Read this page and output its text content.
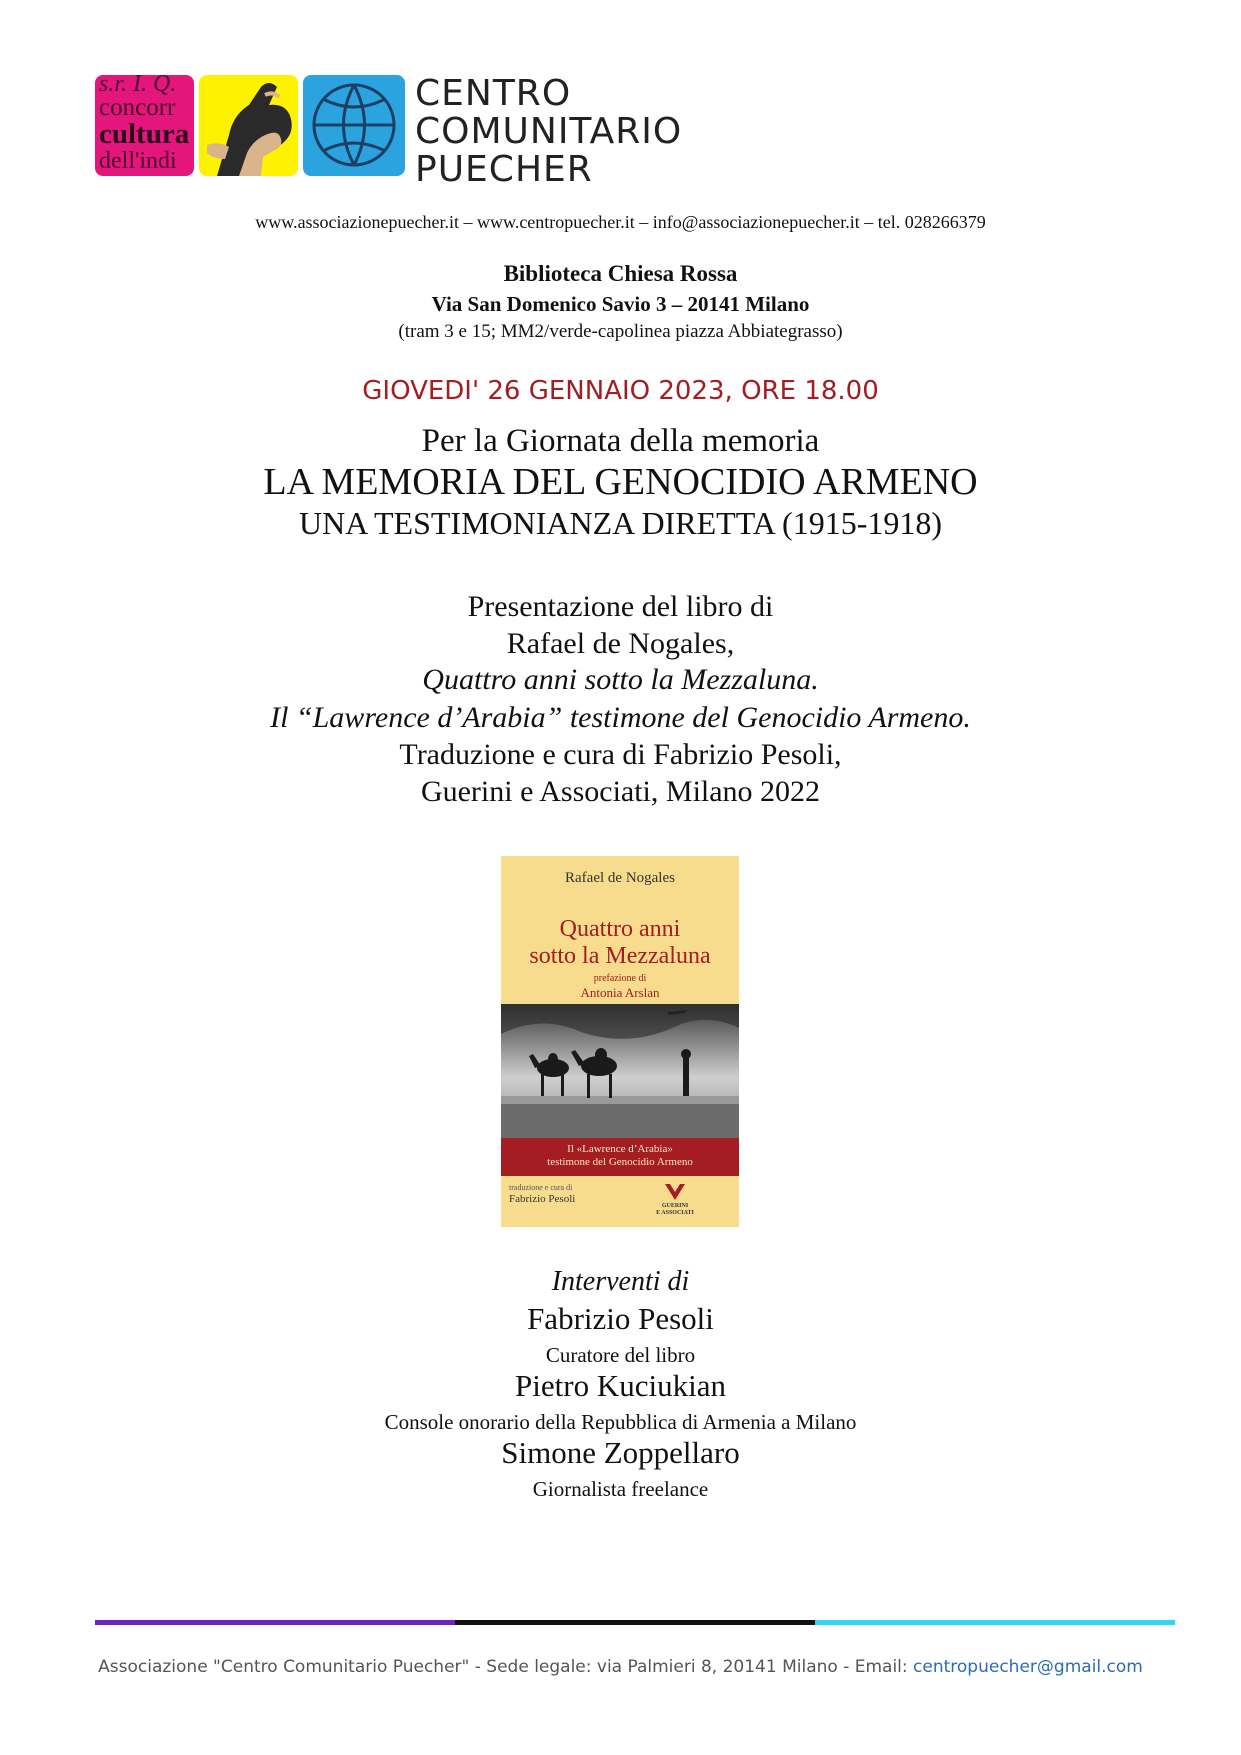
s.r. I. Q.
concorr
cultura
dell'indi
CENTRO
COMUNITARIO
PUECHER
www.associazionepuecher.it – www.centropuecher.it – info@associazionepuecher.it – tel. 028266379
Biblioteca Chiesa Rossa
Via San Domenico Savio 3 – 20141 Milano
(tram 3 e 15; MM2/verde-capolinea piazza Abbiategrasso)
GIOVEDI' 26 GENNAIO 2023, ORE 18.00
Per la Giornata della memoria
LA MEMORIA DEL GENOCIDIO ARMENO
UNA TESTIMONIANZA DIRETTA (1915-1918)
Presentazione del libro di
Rafael de Nogales,
Quattro anni sotto la Mezzaluna.
Il “Lawrence d’Arabia” testimone del Genocidio Armeno.
Traduzione e cura di Fabrizio Pesoli,
Guerini e Associati, Milano 2022
Rafael de Nogales
Quattro anni
sotto la Mezzaluna
prefazione di
Antonia Arslan
Il «Lawrence d’Arabia»
testimone del Genocidio Armeno
traduzione e cura di
Fabrizio Pesoli
GUERINI
E ASSOCIATI
Interventi di
Fabrizio Pesoli
Curatore del libro
Pietro Kuciukian
Console onorario della Repubblica di Armenia a Milano
Simone Zoppellaro
Giornalista freelance
Associazione "Centro Comunitario Puecher" - Sede legale: via Palmieri 8, 20141 Milano - Email: centropuecher@gmail.com
